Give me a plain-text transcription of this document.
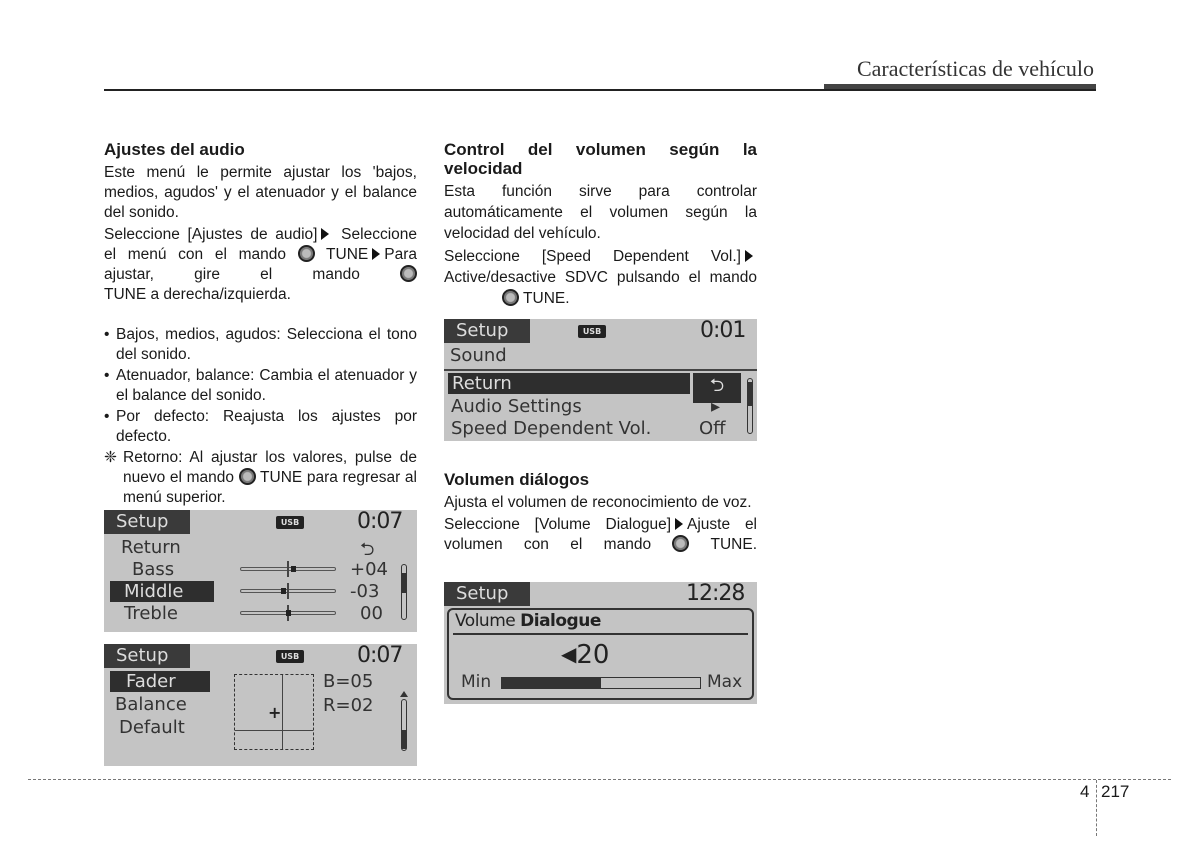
Características de vehículo
Ajustes del audio

Este menú le permite ajustar los 'bajos, medios, agudos' y el atenuador y el balance del sonido.

Seleccione [Ajustes de audio] Seleccione el menú con el mando	TUNE Para ajustar, gire el mando
TUNE a derecha/izquierda.
• Bajos, medios, agudos: Selecciona el tono del sonido.
• Atenuador, balance: Cambia el atenuador y el balance del sonido.
• Por defecto: Reajusta los ajustes por defecto.
❈ Retorno: Al ajustar los valores, pulse de nuevo el mando TUNE para regresar al menú superior.
Setup	USB	0:07
Return	⮌
Bass	+04
Middle	-03
Treble	00
Setup	USB	0:07
Fader
Balance
Default
+
B=05
R=02
Control del volumen según la velocidad

Esta función sirve para controlar automáticamente el volumen según la velocidad del vehículo.

Seleccione [Speed Dependent Vol.] Active/desactive SDVC pulsando el mando
TUNE.
Setup	USB	0:01
Sound
Return	⮌
Audio Settings	▸
Speed Dependent Vol.	Off
Volumen diálogos

Ajusta el volumen de reconocimiento de voz.

Seleccione [Volume Dialogue] Ajuste el volumen con el mando	TUNE.
Setup	12:28
Volume Dialogue
◀20
Min	Max
4 217
